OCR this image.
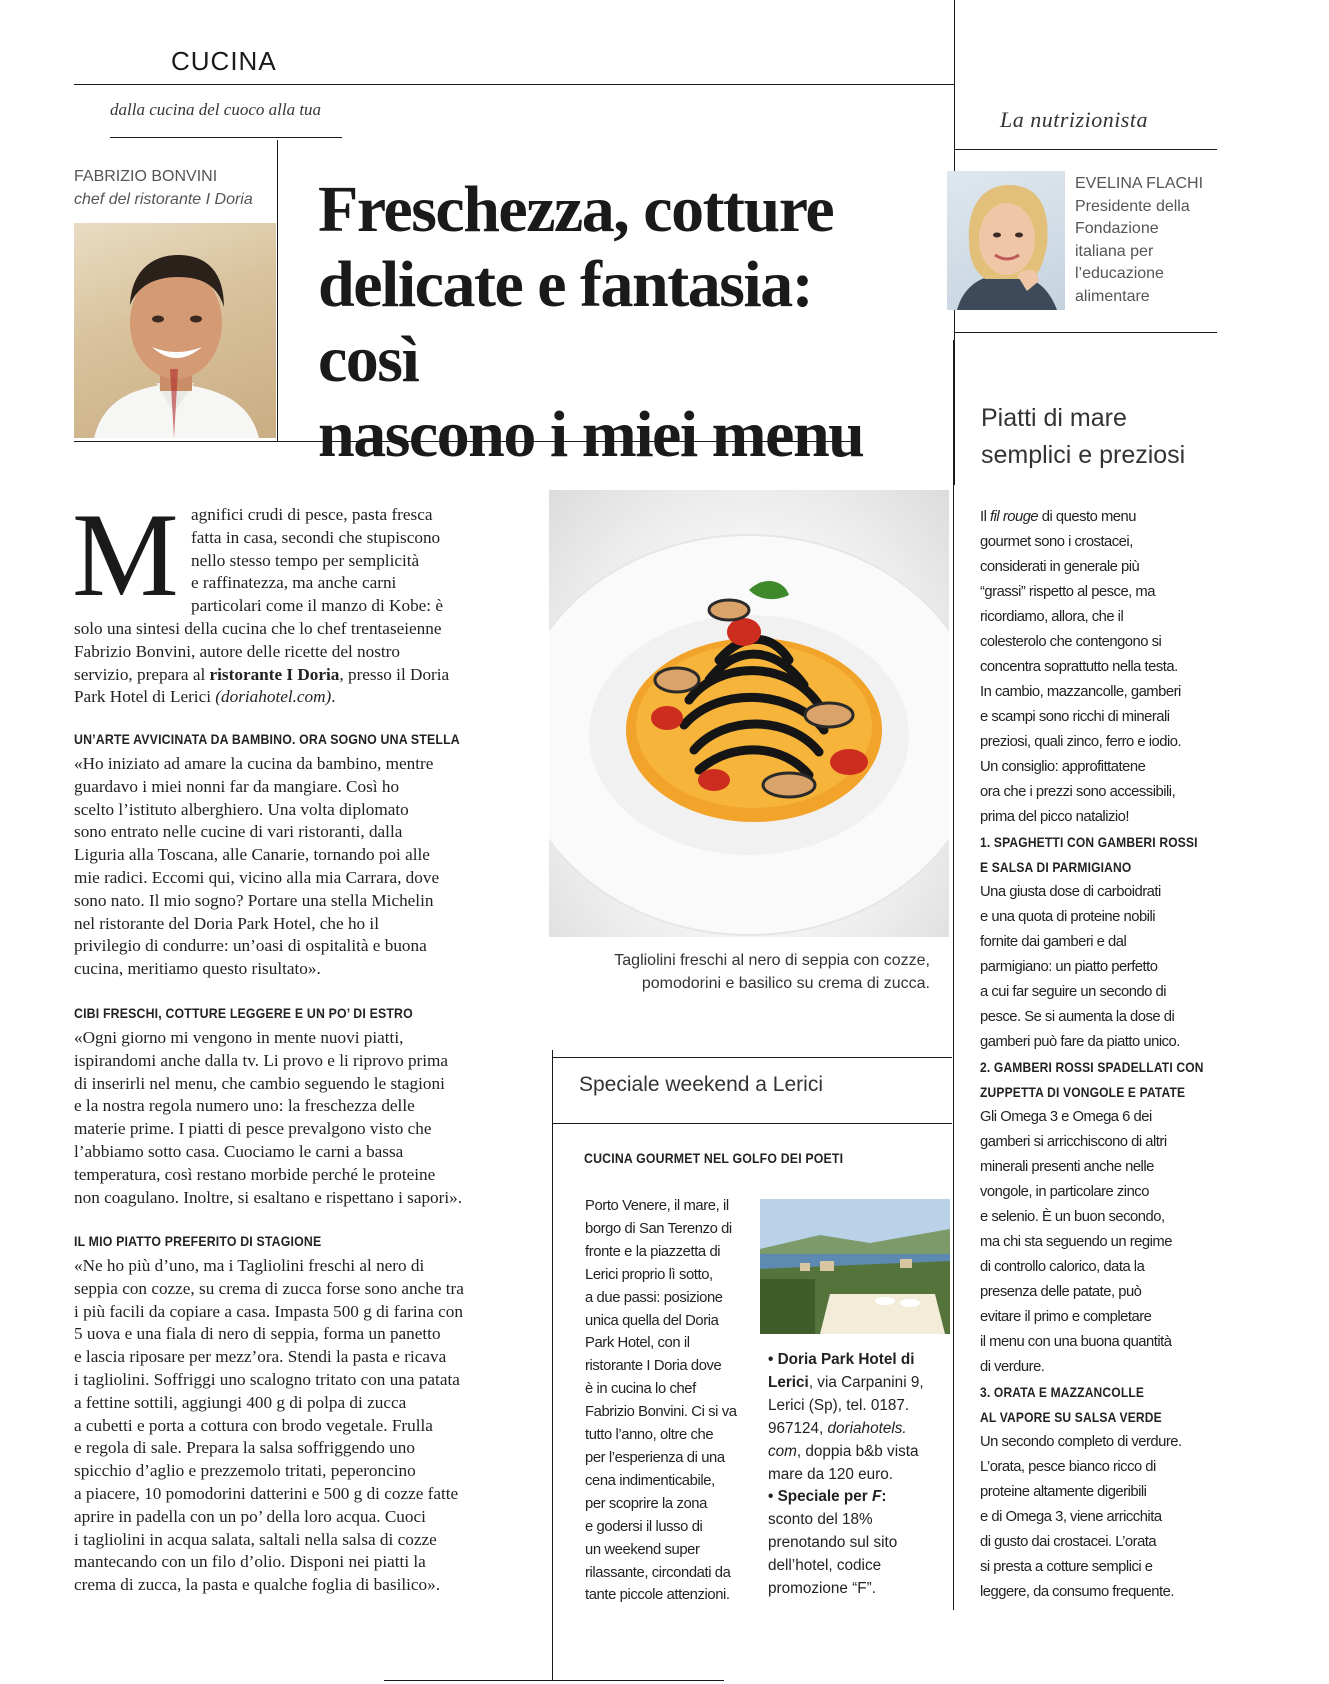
CUCINA
dalla cucina del cuoco alla tua	La nutrizionista
FABRIZIO BONVINI
chef del ristorante I Doria
EVELINA FLACHI
Presidente della
Fondazione
italiana per
l’educazione
alimentare
Freschezza, cotture
delicate e fantasia: così
nascono i miei menu
M agnifici crudi di pesce, pasta fresca
fatta in casa, secondi che stupiscono
nello stesso tempo per semplicità
e raffinatezza, ma anche carni
particolari come il manzo di Kobe: è
solo una sintesi della cucina che lo chef trentaseienne
Fabrizio Bonvini, autore delle ricette del nostro
servizio, prepara al ristorante I Doria, presso il Doria
Park Hotel di Lerici (doriahotel.com).
UN’ARTE AVVICINATA DA BAMBINO. ORA SOGNO UNA STELLA
«Ho iniziato ad amare la cucina da bambino, mentre
guardavo i miei nonni far da mangiare. Così ho
scelto l’istituto alberghiero. Una volta diplomato
sono entrato nelle cucine di vari ristoranti, dalla
Liguria alla Toscana, alle Canarie, tornando poi alle
mie radici. Eccomi qui, vicino alla mia Carrara, dove
sono nato. Il mio sogno? Portare una stella Michelin
nel ristorante del Doria Park Hotel, che ho il
privilegio di condurre: un’oasi di ospitalità e buona
cucina, meritiamo questo risultato».
CIBI FRESCHI, COTTURE LEGGERE E UN PO’ DI ESTRO
«Ogni giorno mi vengono in mente nuovi piatti,
ispirandomi anche dalla tv. Li provo e li riprovo prima
di inserirli nel menu, che cambio seguendo le stagioni
e la nostra regola numero uno: la freschezza delle
materie prime. I piatti di pesce prevalgono visto che
l’abbiamo sotto casa. Cuociamo le carni a bassa
temperatura, così restano morbide perché le proteine
non coagulano. Inoltre, si esaltano e rispettano i sapori».
IL MIO PIATTO PREFERITO DI STAGIONE
«Ne ho più d’uno, ma i Tagliolini freschi al nero di
seppia con cozze, su crema di zucca forse sono anche tra
i più facili da copiare a casa. Impasta 500 g di farina con
5 uova e una fiala di nero di seppia, forma un panetto
e lascia riposare per mezz’ora. Stendi la pasta e ricava
i tagliolini. Soffriggi uno scalogno tritato con una patata
a fettine sottili, aggiungi 400 g di polpa di zucca
a cubetti e porta a cottura con brodo vegetale. Frulla
e regola di sale. Prepara la salsa soffriggendo uno
spicchio d’aglio e prezzemolo tritati, peperoncino
a piacere, 10 pomodorini datterini e 500 g di cozze fatte
aprire in padella con un po’ della loro acqua. Cuoci
i tagliolini in acqua salata, saltali nella salsa di cozze
mantecando con un filo d’olio. Disponi nei piatti la
crema di zucca, la pasta e qualche foglia di basilico».
Tagliolini freschi al nero di seppia con cozze,
pomodorini e basilico su crema di zucca.
Speciale weekend a Lerici
CUCINA GOURMET NEL GOLFO DEI POETI
Porto Venere, il mare, il
borgo di San Terenzo di
fronte e la piazzetta di
Lerici proprio lì sotto,
a due passi: posizione
unica quella del Doria
Park Hotel, con il
ristorante I Doria dove
è in cucina lo chef
Fabrizio Bonvini. Ci si va
tutto l’anno, oltre che
per l’esperienza di una
cena indimenticabile,
per scoprire la zona
e godersi il lusso di
un weekend super
rilassante, circondati da
tante piccole attenzioni.
• Doria Park Hotel di
Lerici, via Carpanini 9,
Lerici (Sp), tel. 0187.
967124, doriahotels.
com, doppia b&b vista
mare da 120 euro.
• Speciale per F:
sconto del 18%
prenotando sul sito
dell’hotel, codice
promozione “F”.
Piatti di mare
semplici e preziosi
Il fil rouge di questo menu
gourmet sono i crostacei,
considerati in generale più
“grassi” rispetto al pesce, ma
ricordiamo, allora, che il
colesterolo che contengono si
concentra soprattutto nella testa.
In cambio, mazzancolle, gamberi
e scampi sono ricchi di minerali
preziosi, quali zinco, ferro e iodio.
Un consiglio: approfittatene
ora che i prezzi sono accessibili,
prima del picco natalizio!
1. SPAGHETTI CON GAMBERI ROSSI
E SALSA DI PARMIGIANO
Una giusta dose di carboidrati
e una quota di proteine nobili
fornite dai gamberi e dal
parmigiano: un piatto perfetto
a cui far seguire un secondo di
pesce. Se si aumenta la dose di
gamberi può fare da piatto unico.
2. GAMBERI ROSSI SPADELLATI CON
ZUPPETTA DI VONGOLE E PATATE
Gli Omega 3 e Omega 6 dei
gamberi si arricchiscono di altri
minerali presenti anche nelle
vongole, in particolare zinco
e selenio. È un buon secondo,
ma chi sta seguendo un regime
di controllo calorico, data la
presenza delle patate, può
evitare il primo e completare
il menu con una buona quantità
di verdure.
3. ORATA E MAZZANCOLLE
AL VAPORE SU SALSA VERDE
Un secondo completo di verdure.
L’orata, pesce bianco ricco di
proteine altamente digeribili
e di Omega 3, viene arricchita
di gusto dai crostacei. L’orata
si presta a cotture semplici e
leggere, da consumo frequente.
